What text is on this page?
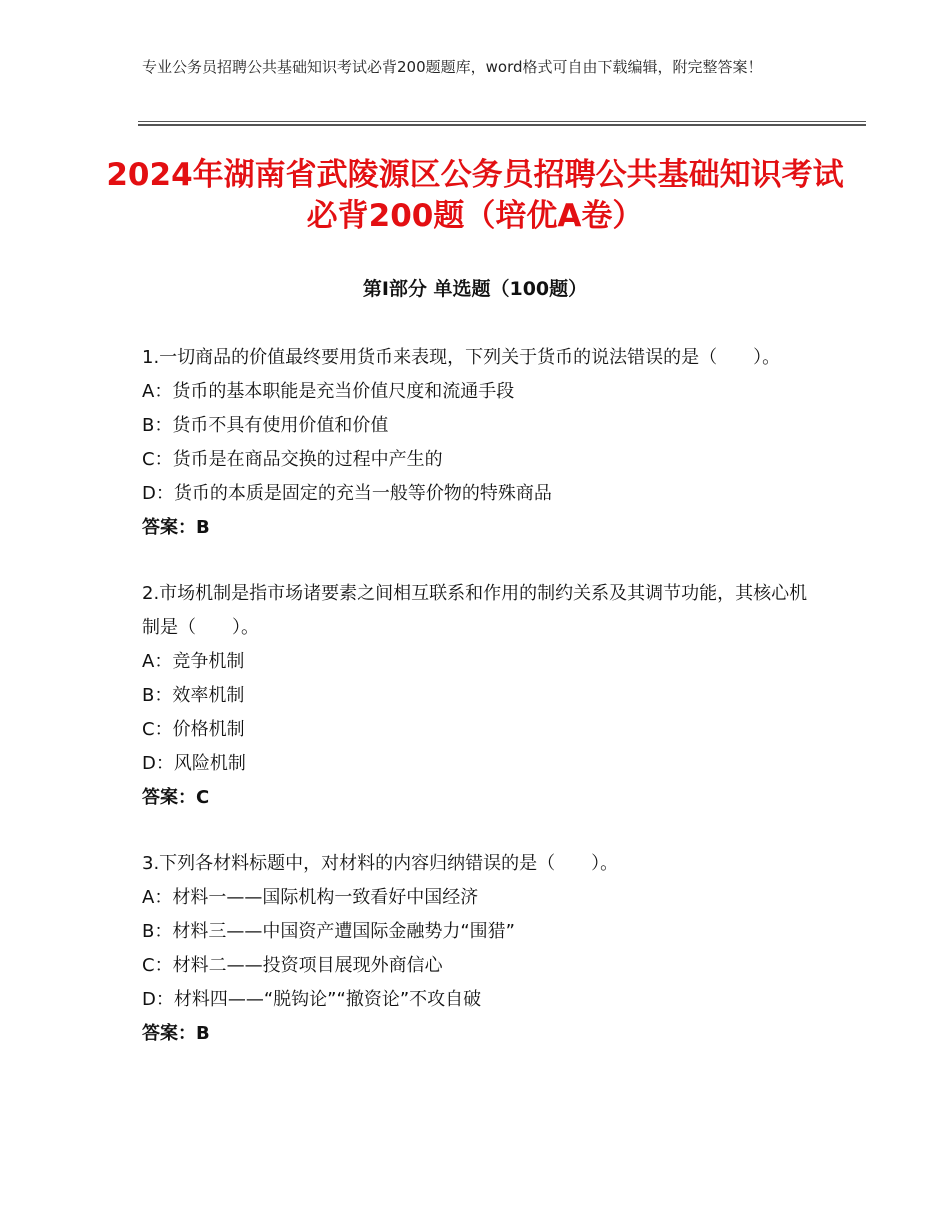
专业公务员招聘公共基础知识考试必背200题题库，word格式可自由下载编辑，附完整答案！
2024年湖南省武陵源区公务员招聘公共基础知识考试必背200题（培优A卷）
第Ⅰ部分 单选题（100题）
1.一切商品的价值最终要用货币来表现，下列关于货币的说法错误的是（　　）。
A：货币的基本职能是充当价值尺度和流通手段
B：货币不具有使用价值和价值
C：货币是在商品交换的过程中产生的
D：货币的本质是固定的充当一般等价物的特殊商品
答案：B
2.市场机制是指市场诸要素之间相互联系和作用的制约关系及其调节功能，其核心机制是（　　）。
A：竞争机制
B：效率机制
C：价格机制
D：风险机制
答案：C
3.下列各材料标题中，对材料的内容归纳错误的是（　　）。
A：材料一——国际机构一致看好中国经济
B：材料三——中国资产遭国际金融势力“围猎”
C：材料二——投资项目展现外商信心
D：材料四——“脱钩论”“撤资论”不攻自破
答案：B
